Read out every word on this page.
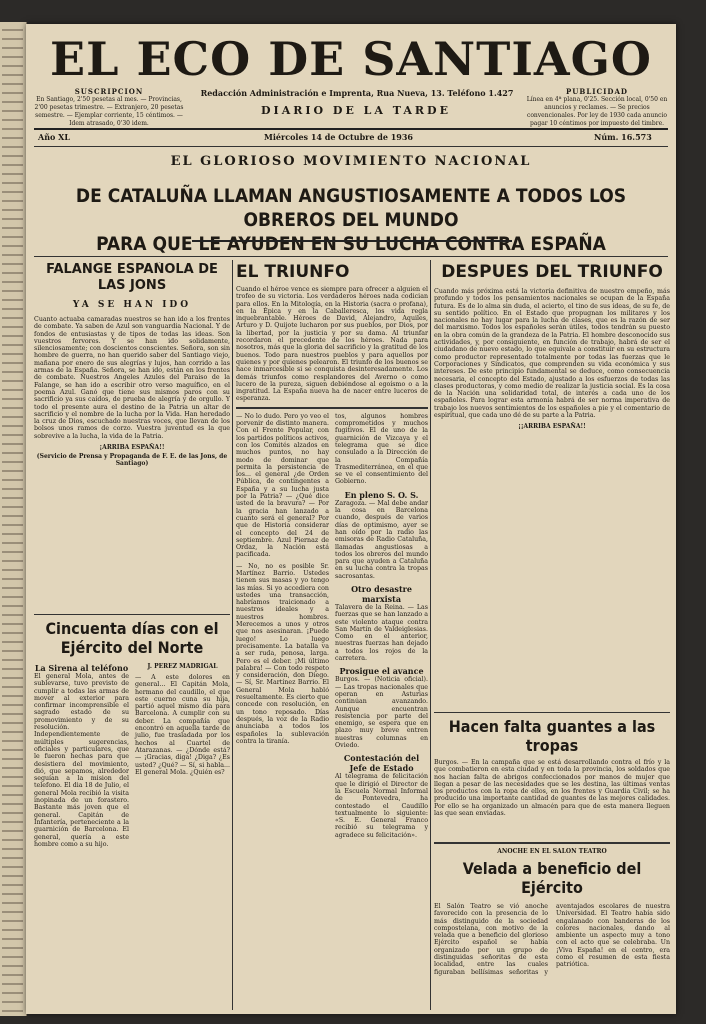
EL ECO DE SANTIAGO
SUSCRIPCION
En Santiago, 2'50 pesetas al mes. — Provincias, 2'00 pesetas trimestre. — Extranjero, 20 pesetas semestre. — Ejemplar corriente, 15 céntimos. — Idem atrasado, 0'30 idem.
Redacción Administración e Imprenta, Rua Nueva, 13. Teléfono 1.427
DIARIO DE LA TARDE
PUBLICIDAD
Línea en 4ª plana, 0'25. Sección local, 0'50 en anuncios y reclames. — Se precios convencionales. Por ley de 1930 cada anuncio pagar 10 céntimos por impuesto del timbre.
Año XL	Miércoles 14 de Octubre de 1936	Núm. 16.573
EL GLORIOSO MOVIMIENTO NACIONAL
DE CATALUÑA LLAMAN ANGUSTIOSAMENTE A TODOS LOS OBREROS DEL MUNDO
PARA QUE LE AYUDEN EN SU LUCHA CONTRA ESPAÑA
FALANGE ESPAÑOLA DE LAS JONS
YA SE HAN IDO
Cuanto actuaba camaradas nuestros se han ido a los frentes de combate. Ya saben de Azul son vanguardia Nacional. Y de fondos de entusiastas y de tipos de todas las ideas. Son vuestros fervores. Y se han ido solidamente, silenciosamente; con doscientos conscientes. Señora, son sin hombre de guerra, no han querido saber del Santiago viejo, mañana por enero de sus alegrías y lujos, han corrido a las armas de la España. Señora, se han ido, están en los frentes de combate. Nuestros Angeles Azules del Paraiso de la Falange, se han ido a escribir otro verso maguífico, en el poema Azul. Ganó que tiene sus mismos paros con su sacrificio ya sus caídos, de prueba de alegría y de orgullo. Y todo el presente aura el destino de la Patria un altar de sacrificio y el nombre de la lucha por la Vida. Han heredado la cruz de Dios, escuchado nuestras voces, que llevan de los bolsos unos ramos de corzo. Vuestra juventud es la que sobrevive a la lucha, la vida de la Patria.
¡ARRIBA ESPAÑA!!
(Servicio de Prensa y Propaganda de F. E. de las Jons, de Santiago)
Cincuenta días con el Ejército del Norte
La Sirena al teléfono
El general Mola, antes de sublevarse, tuvo previsto de cumplir a todas las armas de mover al exterior para confirmar incomprensible el sagrado estado de su promovimiento y de su resolución. Independientemente de múltiples sugerencias, oficiales y particulares, que le fueron hechas para que desistiera del movimiento, dió, que sepamos, alrededor seguían a la mision del telefono. El dia 18 de Julio, el general Mola recibió la visita inopinada de un forastero. Bastante más joven que el general. Capitán de Infantería, perteneciente a la guarnición de Barcelona. El general, quería a este hombre como a su hijo.
J. PEREZ MADRIGAL
— A este dolores en general... El Capitán Mola, hermano del caudillo, el que este cuerno cuna su hija, partió aquel mismo día para Barcelona. A cumplir con su deber. La compañía que encontró en aquella tarde de julio, fue trasladada por los hechos al Cuartel de Atarazanas. — ¿Dónde está? — ¡Gracias, diga! ¿Diga? ¿Es usted? ¿Qué? — Sí, si habla... El general Mola. ¿Quién es?
EL TRIUNFO
Cuando el héroe vence es siempre para ofrecer a alguien el trofeo de su victoria. Los verdaderos héroes nada codician para ellos. En la Mitología, en la Historia (sacra o profana), en la Épica y en la Caballeresca, los vida regla inquebrantable. Héroes de David, Alejandro, Aquiles, Arturo y D. Quijote lucharon por sus pueblos, por Dios, por la libertad, por la justicia y por su dama. Al triunfar recordaron el precedente de los héroes. Nada para nosotros, más que la gloria del sacrificio y la gratitud de los buenos. Todo para nuestros pueblos y para aquellos por quienes y por quienes pelearon. El triunfo de los buenos se hace inmarcesible si se conquista desinteresadamente. Los demás triunfos como resplandores del Averno o como lucero de la pureza, siguen debiéndose al egoísmo o a la ingratitud. La España nueva ha de nacer entre luceros de esperanza.
— No lo dudo. Pero yo veo el porvenir de distinto manera. Con el Frente Popular, con los partidos políticos activos, con los Comités alzados en muchos puntos, no hay modo de dominar que permita la persistencia de los... el general ¿de Orden Pública, de contingentes a España y a su lucha justa por la Patria? — ¿Qué dice usted de la bravura? — Por la gracia han lanzado a cuanto será el general? Por que de Historia considerar el concepto del 24 de septiembre. Azul Piernaz de Ordaz, la Nación está pacificada.
— No, no es posible Sr. Martínez Barrio. Ustedes tienen sus masas y yo tengo las mías. Si yo accediera con ustedes una transacción, habríamos traicionado a nuestros ideales y a nuestros hombres. Merecemos a unos y otros que nos asesinaran. ¡Puede luego! Lo luego precisamente. La batalla va a ser ruda, penosa, larga. Pero es el deber. ¡Mi último palabra! — Con todo respeto y consideración, don Diego. — Sí, Sr. Martínez Barrio. El General Mola habló resueltamente. Es cierto que concede con resolución, en un tono reposado. Días después, la voz de la Radio anunciaba a todos los españoles la sublevación contra la tiranía.
tos, algunos hombres comprometidos y muchos fugitivos. El de uno de la guarnición de Vizcaya y el telegrama que se dice consulado a la Dirección de la Compañía Trasmediterránea, en el que se ve el consentimiento del Gobierno.
En pleno S. O. S.
Zaragoza. — Mal debe andar la cosa en Barcelona cuando, después de varios días de optimismo, ayer se han oído por la radio las emisoras de Radio Cataluña, llamadas angustiosas a todos los obreros del mundo para que ayuden a Cataluña en su lucha contra la tropas sacrosantas.
Otro desastre marxista
Talavera de la Reina. — Las fuerzas que se han lanzado a este violento ataque contra San Martín de Valdeiglesias. Como en el anterior, nuestras fuerzas han dejado a todos los rojos de la carretera.
Prosigue el avance
Burgos. — (Noticia oficial). — Las tropas nacionales que operan en Asturias continúan avanzando. Aunque encuentran resistencia por parte del enemigo, se espera que en plazo muy breve entren nuestras columnas en Oviedo.
Contestación del Jefe de Estado
Al telegrama de felicitación que le dirigió el Director de la Escuela Normal Informal de Pontevedra, ha contestado el Caudillo textualmente lo siguiente: «S. E. General Franco recibió su telegrama y agradece su felicitación».
DESPUES DEL TRIUNFO
Cuando más próxima está la victoria definitiva de nuestro empeño, más profundo y todos los pensamientos nacionales se ocupan de la España futura. Es de lo alma sin duda, el acierto, el tino de sus ideas, de su fe, de su sentido político. En el Estado que propugnan los militares y los nacionales no hay lugar para la lucha de clases, que es la razón de ser del marxismo. Todos los españoles serán útiles, todos tendrán su puesto en la obra común de la grandeza de la Patria. El hombre desconocido sus actividades, y, por consiguiente, en función de trabajo, habrá de ser el ciudadano de nuevo estado, lo que equivale a constituir en su estructura como productor representado totalmente por todas las fuerzas que le Corporaciones y Sindicatos, que comprenden su vida económica y sus intereses. De este principio fundamental se deduce, como consecuencia necesaria, el concepto del Estado, ajustado a los esfuerzos de todas las clases productoras, y como medio de realizar la justicia social. Es la cosa de la Nación una solidaridad total, de interés a cada uno de los españoles. Para lograr esta armonía habrá de ser norma imperativa de trabajo los nuevos sentimientos de los españoles a pie y el comentario de espiritual, que cada uno dé de su parte a la Patria.
¡¡ARRIBA ESPAÑA!!
Hacen falta guantes a las tropas
Burgos. — En la campaña que se está desarrollando contra el frío y la que combatieron en esta ciudad y en toda la provincia, los soldados que nos hacían falta de abrigos confeccionados por manos de mujer que llegan a pesar de las necesidades que se les destina, las últimas ventas los productos con la ropa de ellos, en los frentes y Guardia Civil; se ha producido una importante cantidad de guantes de las mejores calidades. Por ello se ha organizado un almacén para que de esta manera lleguen las que sean enviadas.
ANOCHE EN EL SALON TEATRO
Velada a beneficio del Ejército
El Salón Teatro se vió anoche favorecido con la presencia de lo más distinguido de la sociedad compostelana, con motivo de la velada que a beneficio del glorioso Ejército español se había organizado por un grupo de distinguidas señoritas de esta localidad, entre las cuales figuraban bellísimas señoritas y aventajados escolares de nuestra Universidad. El Teatro había sido engalanado con banderas de los colores nacionales, dando al ambiente un aspecto muy a tono con el acto que se celebraba. Un ¡Viva España! en el centro, era como el resumen de esta fiesta patriótica.
